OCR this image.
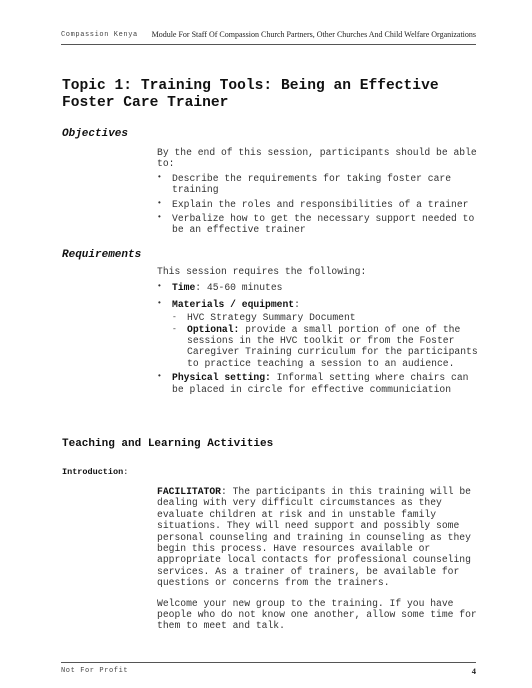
Compassion Kenya Module For Staff Of Compassion Church Partners, Other Churches And Child Welfare Organizations
Topic 1: Training Tools: Being an Effective Foster Care Trainer
Objectives
By the end of this session, participants should be able to:
• Describe the requirements for taking foster care training
• Explain the roles and responsibilities of a trainer
• Verbalize how to get the necessary support needed to be an effective trainer
Requirements
This session requires the following:
• Time: 45-60 minutes
• Materials / equipment:
- HVC Strategy Summary Document
- Optional: provide a small portion of one of the sessions in the HVC toolkit or from the Foster Caregiver Training curriculum for the participants to practice teaching a session to an audience.
• Physical setting: Informal setting where chairs can be placed in circle for effective communiciation
Teaching and Learning Activities
Introduction:
FACILITATOR: The participants in this training will be dealing with very difficult circumstances as they evaluate children at risk and in unstable family situations. They will need support and possibly some personal counseling and training in counseling as they begin this process. Have resources available or appropriate local contacts for professional counseling services. As a trainer of trainers, be available for questions or concerns from the trainers.
Welcome your new group to the training. If you have people who do not know one another, allow some time for them to meet and talk.
Not For Profit	4
